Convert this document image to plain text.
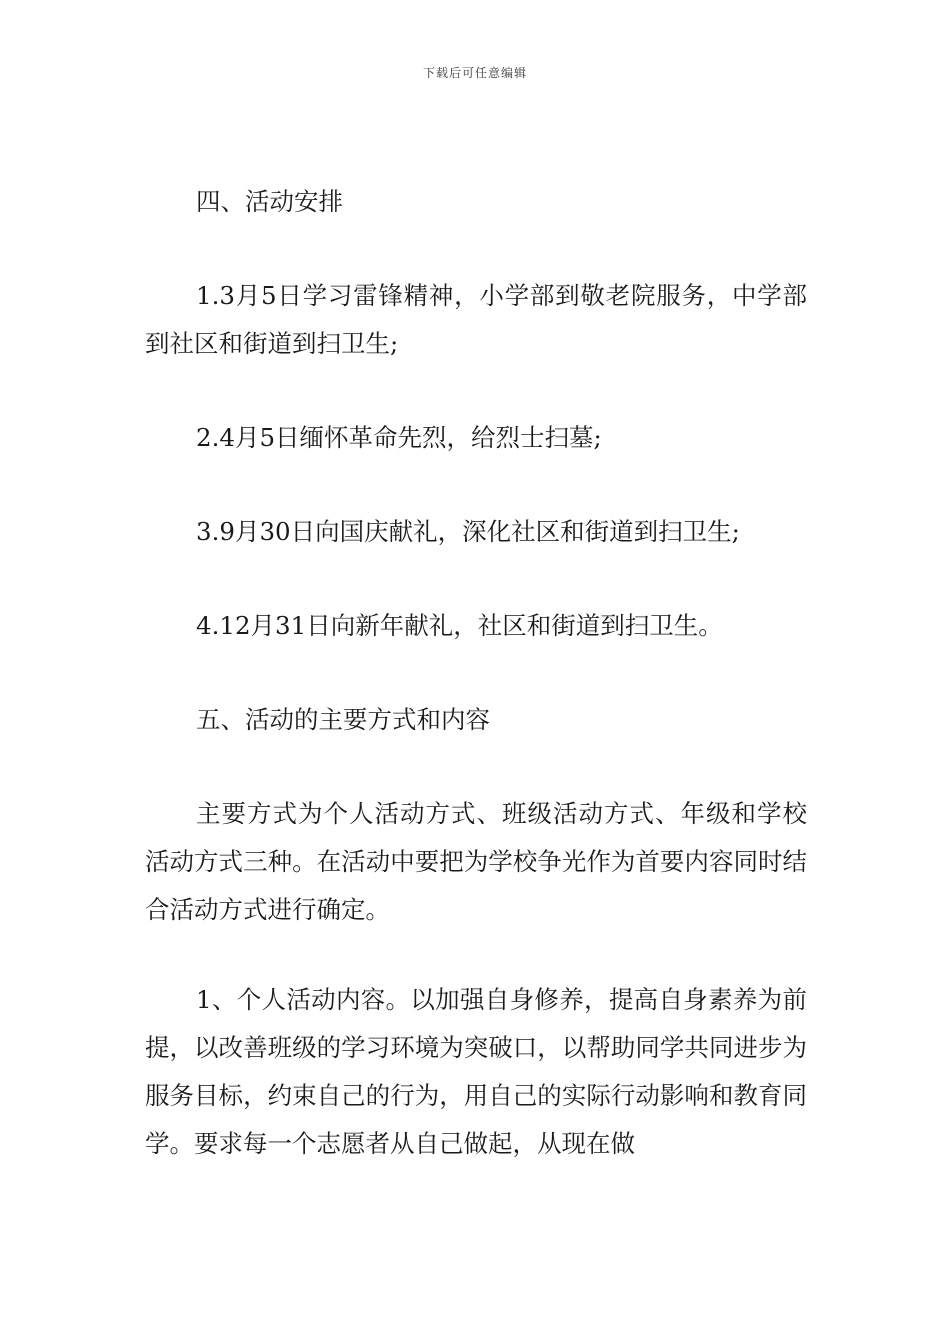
下载后可任意编辑

四、活动安排

1.3月5日学习雷锋精神，小学部到敬老院服务，中学部到社区和街道到扫卫生;

2.4月5日缅怀革命先烈，给烈士扫墓;

3.9月30日向国庆献礼，深化社区和街道到扫卫生;

4.12月31日向新年献礼，社区和街道到扫卫生。

五、活动的主要方式和内容

主要方式为个人活动方式、班级活动方式、年级和学校活动方式三种。在活动中要把为学校争光作为首要内容同时结合活动方式进行确定。

1、个人活动内容。以加强自身修养，提高自身素养为前提，以改善班级的学习环境为突破口，以帮助同学共同进步为服务目标，约束自己的行为，用自己的实际行动影响和教育同学。要求每一个志愿者从自己做起，从现在做
